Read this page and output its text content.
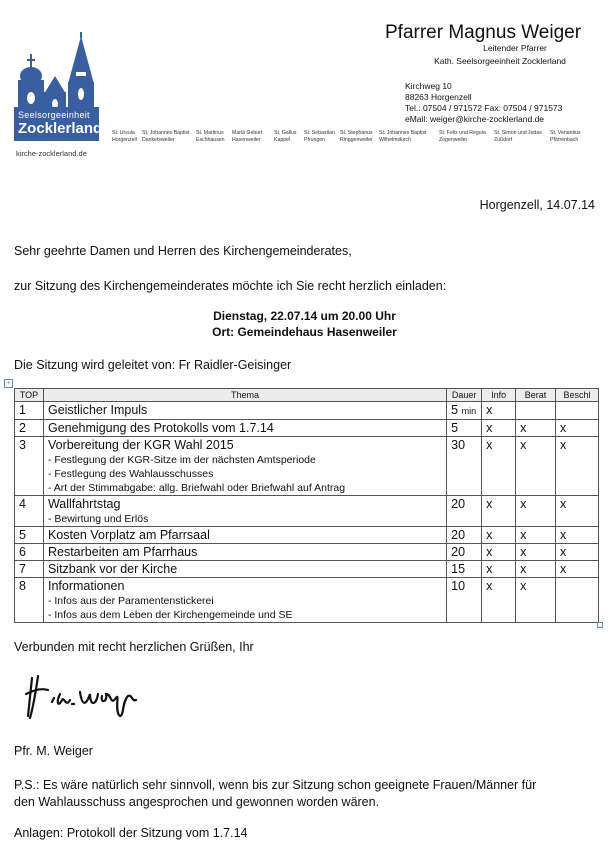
Seelsorgeeinheit
Zocklerland
kirche-zocklerland.de
Pfarrer Magnus Weiger
Leitender Pfarrer
Kath. Seelsorgeeinheit Zocklerland
Kirchweg 10
88263 Horgenzell
Tel.: 07504 / 971572 Fax: 07504 / 971573
eMail: weiger@kirche-zocklerland.de
St. Ursula
Horgenzell
St. Johannes Baptist
Danketsweiler
St. Martinus
Eschhausen
Mariä Geburt
Hasenweiler
St. Gallus
Kappel
St. Sebastian
Pfrungen
St. Stephanus
Ringgenweiler
St. Johannes Baptist
Wilhelmskirch
St. Felix und Regula
Zogenweiler
St. Simon und Judas
Zußdorf
St. Venantius
Pfärrenbach
Horgenzell, 14.07.14
Sehr geehrte Damen und Herren des Kirchengemeinderates,
zur Sitzung des Kirchengemeinderates möchte ich Sie recht herzlich einladen:
Dienstag, 22.07.14 um 20.00 Uhr
Ort: Gemeindehaus Hasenweiler
Die Sitzung wird geleitet von: Fr Raidler-Geisinger
+
TOP	Thema	Dauer	Info	Berat	Beschl
1	Geistlicher Impuls	5 min	x		
2	Genehmigung des Protokolls vom 1.7.14	5	x	x	x
3	Vorbereitung der KGR Wahl 2015
- Festlegung der KGR-Sitze im der nächsten Amtsperiode
- Festlegung des Wahlausschusses
- Art der Stimmabgabe: allg. Briefwahl oder Briefwahl auf Antrag	30	x	x	x
4	Wallfahrtstag
- Bewirtung und Erlös	20	x	x	x
5	Kosten Vorplatz am Pfarrsaal	20	x	x	x
6	Restarbeiten am Pfarrhaus	20	x	x	x
7	Sitzbank vor der Kirche	15	x	x	x
8	Informationen
- Infos aus der Paramentenstickerei
- Infos aus dem Leben der Kirchengemeinde und SE	10	x	x	
Verbunden mit recht herzlichen Grüßen, Ihr
Pfr. M. Weiger
P.S.: Es wäre natürlich sehr sinnvoll, wenn bis zur Sitzung schon geeignete Frauen/Männer für
den Wahlausschuss angesprochen und gewonnen worden wären.
Anlagen: Protokoll der Sitzung vom 1.7.14
